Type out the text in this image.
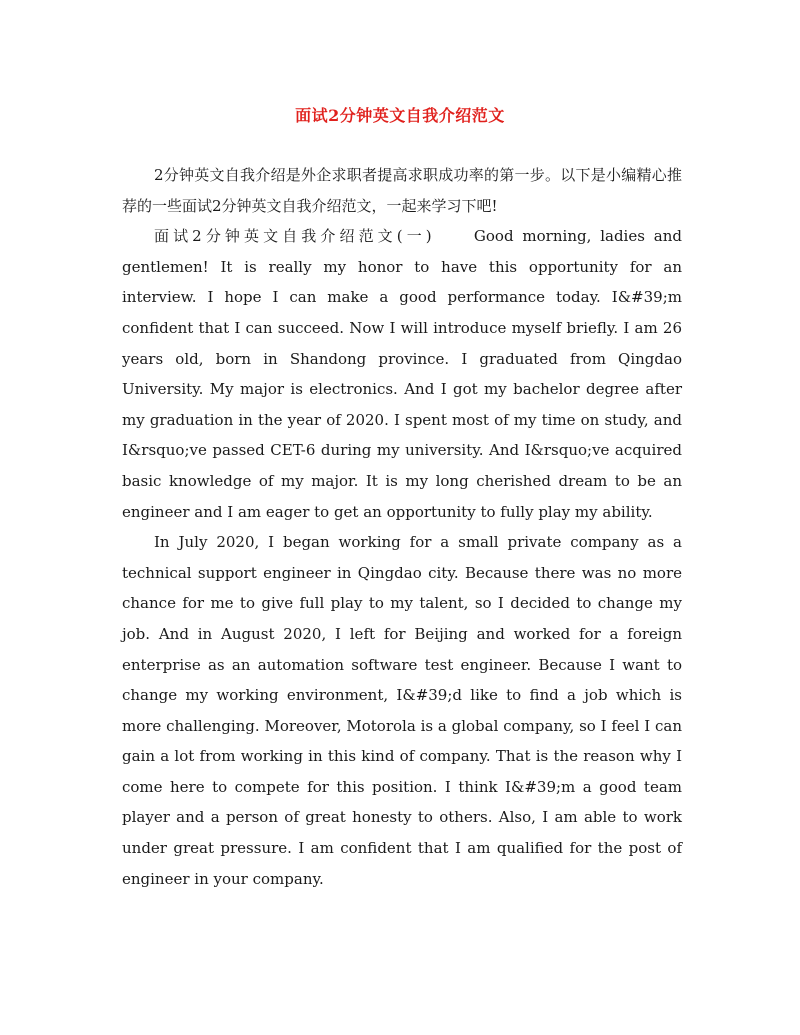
面试2分钟英文自我介绍范文

2分钟英文自我介绍是外企求职者提高求职成功率的第一步。以下是小编精心推荐的一些面试2分钟英文自我介绍范文，一起来学习下吧!

面试2分钟英文自我介绍范文(一)　　Good morning, ladies and gentlemen! It is really my honor to have this opportunity for an interview. I hope I can make a good performance today. I&#39;m confident that I can succeed. Now I will introduce myself briefly. I am 26 years old, born in Shandong province. I graduated from Qingdao University. My major is electronics. And I got my bachelor degree after my graduation in the year of 2020. I spent most of my time on study, and I&rsquo;ve passed CET-6 during my university. And I&rsquo;ve acquired basic knowledge of my major. It is my long cherished dream to be an engineer and I am eager to get an opportunity to fully play my ability.

In July 2020, I began working for a small private company as a technical support engineer in Qingdao city. Because there was no more chance for me to give full play to my talent, so I decided to change my job. And in August 2020, I left for Beijing and worked for a foreign enterprise as an automation software test engineer. Because I want to change my working environment, I&#39;d like to find a job which is more challenging. Moreover, Motorola is a global company, so I feel I can gain a lot from working in this kind of company. That is the reason why I come here to compete for this position. I think I&#39;m a good team player and a person of great honesty to others. Also, I am able to work under great pressure. I am confident that I am qualified for the post of engineer in your company.
